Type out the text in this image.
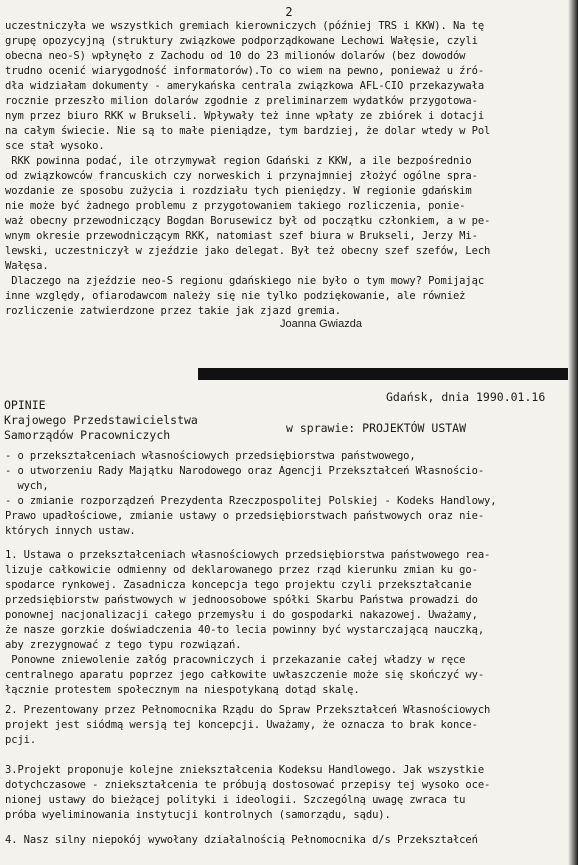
2
uczestniczyła we wszystkich gremiach kierowniczych (później TRS i KKW). Na tę
grupę opozycyjną (struktury związkowe podporządkowane Lechowi Wałęsie, czyli
obecna neo-S) wpłynęło z Zachodu od 10 do 23 milionów dolarów (bez dowodów
trudno ocenić wiarygodność informatorów).To co wiem na pewno, ponieważ u źró-
dła widziałam dokumenty - amerykańska centrala związkowa AFL-CIO przekazywała
rocznie przeszło milion dolarów zgodnie z preliminarzem wydatków przygotowa-
nym przez biuro RKK w Brukseli. Wpływały też inne wpłaty ze zbiórek i dotacji
na całym świecie. Nie są to małe pieniądze, tym bardziej, że dolar wtedy w Pol
sce stał wysoko.
RKK powinna podać, ile otrzymywał region Gdański z KKW, a ile bezpośrednio
od związkowców francuskich czy norweskich i przynajmniej złożyć ogólne spra-
wozdanie ze sposobu zużycia i rozdziału tych pieniędzy. W regionie gdańskim
nie może być żadnego problemu z przygotowaniem takiego rozliczenia, ponie-
waż obecny przewodniczący Bogdan Borusewicz był od początku członkiem, a w pe-
wnym okresie przewodniczącym RKK, natomiast szef biura w Brukseli, Jerzy Mi-
lewski, uczestniczył w zjeździe jako delegat. Był też obecny szef szefów, Lech
Wałęsa.
Dlaczego na zjeździe neo-S regionu gdańskiego nie było o tym mowy? Pomijając
inne względy, ofiarodawcom należy się nie tylko podziękowanie, ale również
rozliczenie zatwierdzone przez takie jak zjazd gremia.
Joanna Gwiazda
OPINIE
Krajowego Przedstawicielstwa
Samorządów Pracowniczych
Gdańsk, dnia 1990.01.16
w sprawie: PROJEKTÓW USTAW
- o przekształceniach własnościowych przedsiębiorstwa państwowego,
- o utworzeniu Rady Majątku Narodowego oraz Agencji Przekształceń Własnościo-
wych,
- o zmianie rozporządzeń Prezydenta Rzeczpospolitej Polskiej - Kodeks Handlowy,
Prawo upadłościowe, zmianie ustawy o przedsiębiorstwach państwowych oraz nie-
których innych ustaw.
1. Ustawa o przekształceniach własnościowych przedsiębiorstwa państwowego rea-
lizuje całkowicie odmienny od deklarowanego przez rząd kierunku zmian ku go-
spodarce rynkowej. Zasadnicza koncepcja tego projektu czyli przekształcanie
przedsiębiorstw państwowych w jednoosobowe spółki Skarbu Państwa prowadzi do
ponownej nacjonalizacji całego przemysłu i do gospodarki nakazowej. Uważamy,
że nasze gorzkie doświadczenia 40-to lecia powinny być wystarczającą nauczką,
aby zrezygnować z tego typu rozwiązań.
Ponowne zniewolenie załóg pracowniczych i przekazanie całej władzy w ręce
centralnego aparatu poprzez jego całkowite uwłaszczenie może się skończyć wy-
łącznie protestem społecznym na niespotykaną dotąd skalę.
2. Prezentowany przez Pełnomocnika Rządu do Spraw Przekształceń Własnościowych
projekt jest siódmą wersją tej koncepcji. Uważamy, że oznacza to brak konce-
pcji.
3.Projekt proponuje kolejne zniekształcenia Kodeksu Handlowego. Jak wszystkie
dotychczasowe - zniekształcenia te próbują dostosować przepisy tej wysoko oce-
nionej ustawy do bieżącej polityki i ideologii. Szczególną uwagę zwraca tu
próba wyeliminowania instytucji kontrolnych (samorządu, sądu).
4. Nasz silny niepokój wywołany działalnością Pełnomocnika d/s Przekształceń
